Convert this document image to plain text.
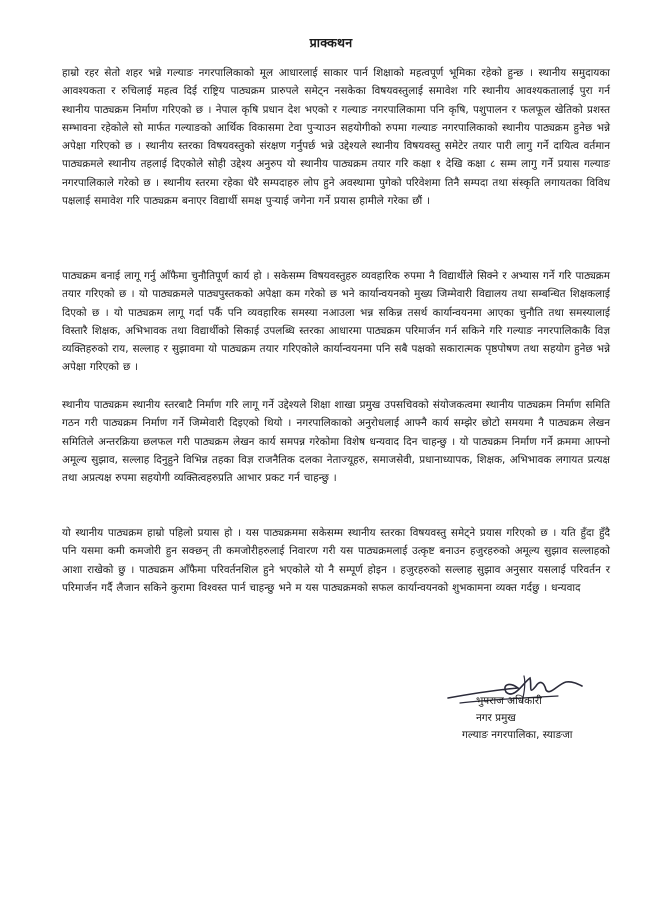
प्राक्कथन
हाम्रो रहर सेतो शहर भन्ने गल्याङ नगरपालिकाको मूल आधारलाई साकार पार्न शिक्षाको महत्वपूर्ण भूमिका रहेको हुन्छ । स्थानीय समुदायका आवश्यकता र रुचिलाई महत्व दिई राष्ट्रिय पाठ्यक्रम प्रारुपले समेट्न नसकेका विषयवस्तुलाई समावेश गरि स्थानीय आवश्यकतालाई पुरा गर्न स्थानीय पाठ्यक्रम निर्माण गरिएको छ । नेपाल कृषि प्रधान देश भएको र गल्याङ नगरपालिकामा पनि कृषि, पशुपालन र फलफूल खेतिको प्रशस्त सम्भावना रहेकोले सो मार्फत गल्याङको आर्थिक विकासमा टेवा पुऱ्याउन सहयोगीको रुपमा गल्याङ नगरपालिकाको स्थानीय पाठ्यक्रम हुनेछ भन्ने अपेक्षा गरिएको छ । स्थानीय स्तरका विषयवस्तुको संरक्षण गर्नुपर्छ भन्ने उद्देश्यले स्थानीय विषयवस्तु समेटेर तयार पारी लागु गर्ने दायित्व वर्तमान पाठ्यक्रमले स्थानीय तहलाई दिएकोले सोही उद्देश्य अनुरुप यो स्थानीय पाठ्यक्रम तयार गरि कक्षा १ देखि कक्षा ८ सम्म लागु गर्ने प्रयास गल्याङ नगरपालिकाले गरेको छ । स्थानीय स्तरमा रहेका धेरै सम्पदाहरु लोप हुने अवस्थामा पुगेको परिवेशमा तिनै सम्पदा तथा संस्कृति लगायतका विविध पक्षलाई समावेश गरि पाठ्यक्रम बनाएर विद्यार्थी समक्ष पुऱ्याई जगेना गर्ने प्रयास हामीले गरेका छौं ।
पाठ्यक्रम बनाई लागू गर्नु आँफैमा चुनौतिपूर्ण कार्य हो । सकेसम्म विषयवस्तुहरु व्यवहारिक रुपमा नै विद्यार्थीले सिक्ने र अभ्यास गर्ने गरि पाठ्यक्रम तयार गरिएको छ । यो पाठ्यक्रमले पाठ्यपुस्तकको अपेक्षा कम गरेको छ भने कार्यान्वयनको मुख्य जिम्मेवारी विद्यालय तथा सम्बन्धित शिक्षकलाई दिएको छ । यो पाठ्यक्रम लागू गर्दा पर्कै पनि व्यवहारिक समस्या नआउला भन्न सकिन्न तसर्थ कार्यान्वयनमा आएका चुनौति तथा समस्यालाई विस्तारै शिक्षक, अभिभावक तथा विद्यार्थीको सिकाई उपलब्धि स्तरका आधारमा पाठ्यक्रम परिमार्जन गर्न सकिने गरि गल्याङ नगरपालिकाकै विज्ञ व्यक्तिहरुको राय, सल्लाह र सुझावमा यो पाठ्यक्रम तयार गरिएकोले कार्यान्वयनमा पनि सबै पक्षको सकारात्मक पृष्ठपोषण तथा सहयोग हुनेछ भन्ने अपेक्षा गरिएको छ ।
स्थानीय पाठ्यक्रम स्थानीय स्तरबाटै निर्माण गरि लागू गर्ने उद्देश्यले शिक्षा शाखा प्रमुख उपसचिवको संयोजकत्वमा स्थानीय पाठ्यक्रम निर्माण समिति गठन गरी पाठ्यक्रम निर्माण गर्ने जिम्मेवारी दिइएको थियो । नगरपालिकाको अनुरोधलाई आफ्नै कार्य सम्झेर छोटो समयमा नै पाठ्यक्रम लेखन समितिले अन्तरक्रिया छलफल गरी पाठ्यक्रम लेखन कार्य समपन्न गरेकोमा विशेष धन्यवाद दिन चाहन्छु । यो पाठ्यक्रम निर्माण गर्ने क्रममा आफ्नो अमूल्य सुझाव, सल्लाह दिनुहुने विभिन्न तहका विज्ञ राजनैतिक दलका नेताज्यूहरु, समाजसेवी, प्रधानाध्यापक, शिक्षक, अभिभावक लगायत प्रत्यक्ष तथा अप्रत्यक्ष रुपमा सहयोगी व्यक्तित्वहरुप्रति आभार प्रकट गर्न चाहन्छु ।
यो स्थानीय पाठ्यक्रम हाम्रो पहिलो प्रयास हो । यस पाठ्यक्रममा सकेसम्म स्थानीय स्तरका विषयवस्तु समेट्ने प्रयास गरिएको छ । यति हुँदा हुँदै पनि यसमा कमी कमजोरी हुन सक्छन् ती कमजोरीहरुलाई निवारण गरी यस पाठ्यक्रमलाई उत्कृष्ट बनाउन हजुरहरुको अमूल्य सुझाव सल्लाहको आशा राखेको छु । पाठ्यक्रम आँफैमा परिवर्तनशिल हुने भएकोले यो नै सम्पूर्ण होइन । हजुरहरुको सल्लाह सुझाव अनुसार यसलाई परिवर्तन र परिमार्जन गर्दै लैजान सकिने कुरामा विश्वस्त पार्न चाहन्छु भने म यस पाठ्यक्रमको सफल कार्यान्वयनको शुभकामना व्यक्त गर्दछु । धन्यवाद
भुपराज अधिकारी
नगर प्रमुख
गल्याङ नगरपालिका, स्याङजा
